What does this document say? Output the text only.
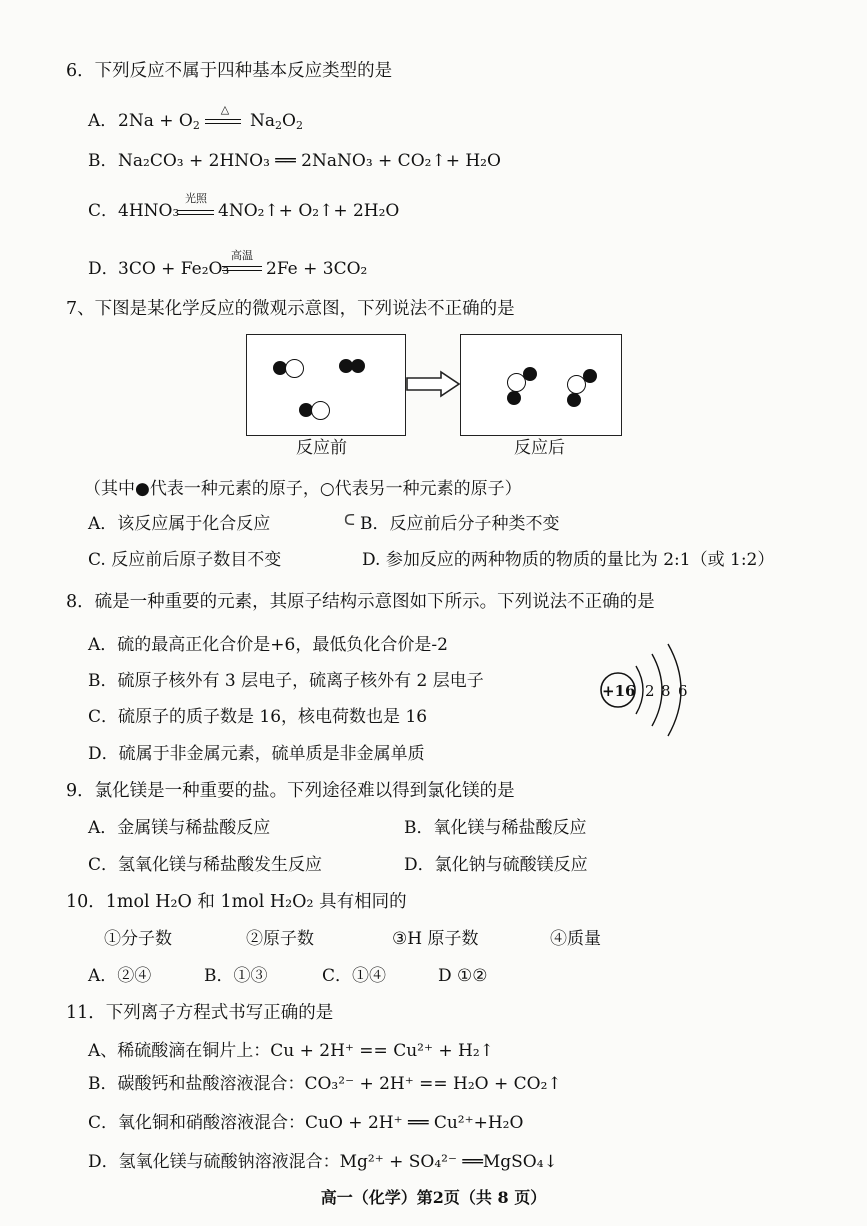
6．下列反应不属于四种基本反应类型的是
A． $2Na + O_2$
△
$Na_2O_2$
B． Na₂CO₃ + 2HNO₃ ══ 2NaNO₃ + CO₂↑+ H₂O
C． 4HNO₃
光照
4NO₂↑+ O₂↑+ 2H₂O
D． 3CO + Fe₂O₃
高温
2Fe + 3CO₂
7、下图是某化学反应的微观示意图，下列说法不正确的是
反应前	反应后
（其中●代表一种元素的原子，○代表另一种元素的原子）
A．该反应属于化合反应	ᑕ B．反应前后分子种类不变
C. 反应前后原子数目不变	D. 参加反应的两种物质的物质的量比为 2:1（或 1:2）
8．硫是一种重要的元素，其原子结构示意图如下所示。下列说法不正确的是
A．硫的最高正化合价是+6，最低负化合价是-2
B．硫原子核外有 3 层电子，硫离子核外有 2 层电子
C．硫原子的质子数是 16，核电荷数也是 16
D．硫属于非金属元素，硫单质是非金属单质
+16 2 8 6
9．氯化镁是一种重要的盐。下列途径难以得到氯化镁的是
A．金属镁与稀盐酸反应	B．氧化镁与稀盐酸反应
C．氢氧化镁与稀盐酸发生反应	D．氯化钠与硫酸镁反应
10．1mol H₂O 和 1mol H₂O₂ 具有相同的
①分子数	②原子数	③H 原子数	④质量
A．②④	B．①③	C．①④	D ①②
11．下列离子方程式书写正确的是
A、稀硫酸滴在铜片上：Cu + 2H⁺ == Cu²⁺ + H₂↑
B．碳酸钙和盐酸溶液混合：CO₃²⁻ + 2H⁺ == H₂O + CO₂↑
C．氧化铜和硝酸溶液混合：CuO + 2H⁺ ══ Cu²⁺+H₂O
D．氢氧化镁与硫酸钠溶液混合：Mg²⁺ + SO₄²⁻ ══MgSO₄↓
高一（化学）第2页（共 8 页）
